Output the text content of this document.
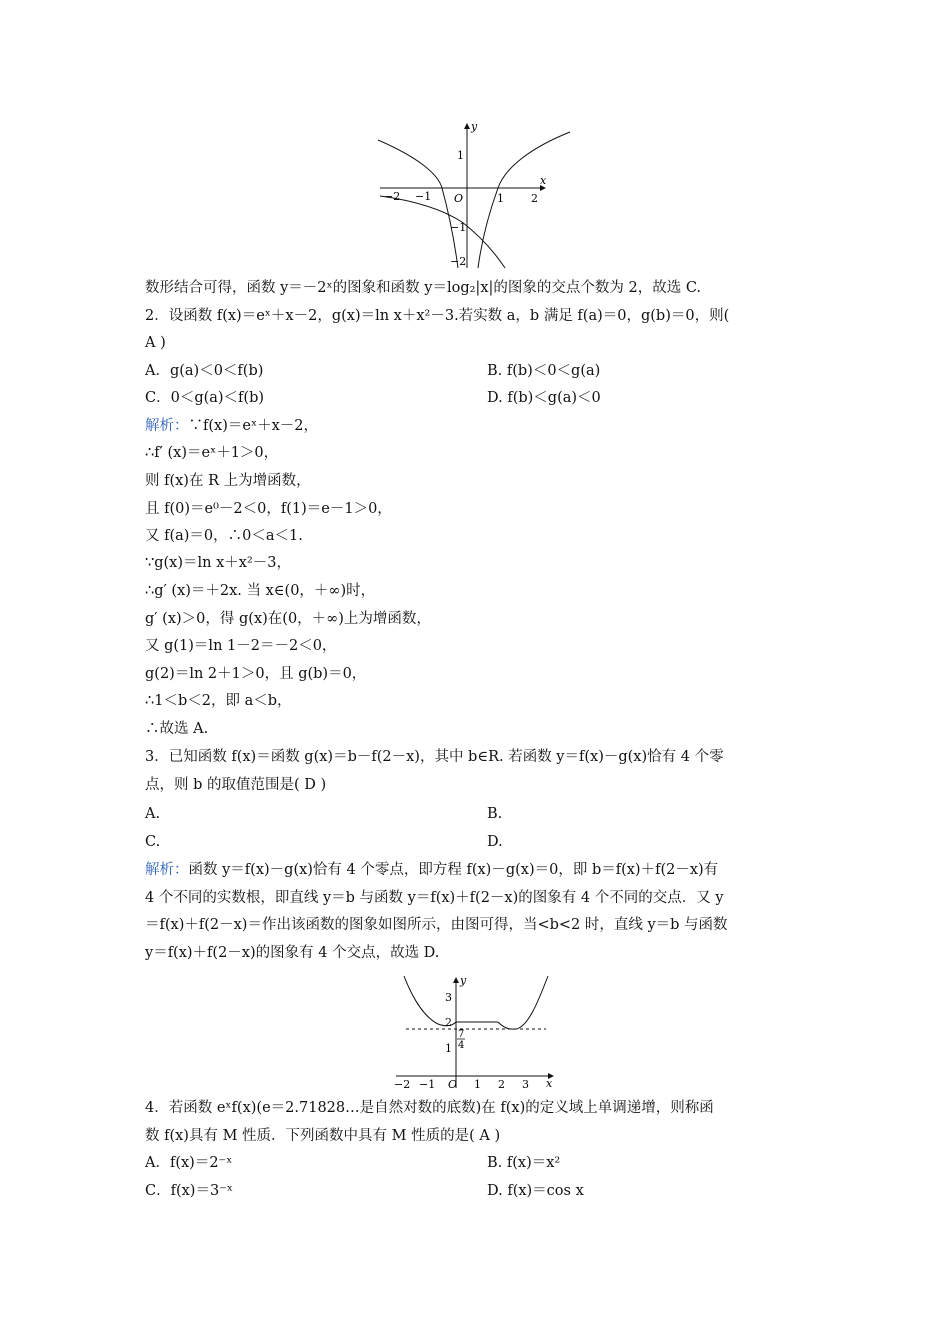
y
x
1
−1
−2
−2 −1 O	1 2
数形结合可得，函数 y＝－2ˣ的图象和函数 y＝log₂|x|的图象的交点个数为 2，故选 C.
2．设函数 f(x)＝eˣ＋x－2，g(x)＝ln x＋x²－3.若实数 a，b 满足 f(a)＝0，g(b)＝0，则(
A )
A．g(a)＜0＜f(b)	B. f(b)＜0＜g(a)
C．0＜g(a)＜f(b)	D. f(b)＜g(a)＜0
解析：∵f(x)＝eˣ＋x－2，
∴f′ (x)＝eˣ＋1＞0，
则 f(x)在 R 上为增函数，
且 f(0)＝e⁰－2＜0，f(1)＝e－1＞0，
又 f(a)＝0，∴0＜a＜1.
∵g(x)＝ln x＋x²－3，
∴g′ (x)＝＋2x. 当 x∈(0，＋∞)时，
g′ (x)＞0，得 g(x)在(0，＋∞)上为增函数，
又 g(1)＝ln 1－2＝－2＜0，
g(2)＝ln 2＋1＞0，且 g(b)＝0，
∴1＜b＜2，即 a＜b，
∴故选 A.
3．已知函数 f(x)＝函数 g(x)＝b－f(2－x)，其中 b∈R. 若函数 y＝f(x)－g(x)恰有 4 个零
点，则 b 的取值范围是( D )
A.	B.
C.	D.
解析：函数 y＝f(x)－g(x)恰有 4 个零点，即方程 f(x)－g(x)＝0，即 b＝f(x)＋f(2－x)有
4 个不同的实数根，即直线 y＝b 与函数 y＝f(x)＋f(2－x)的图象有 4 个不同的交点．又 y
＝f(x)＋f(2－x)＝作出该函数的图象如图所示，由图可得，当<b<2 时，直线 y＝b 与函数
y＝f(x)＋f(2－x)的图象有 4 个交点，故选 D.
y
x
3
2
1
7
4
−2 −1 O 1 2 3
4．若函数 eˣf(x)(e＝2.71828…是自然对数的底数)在 f(x)的定义域上单调递增，则称函
数 f(x)具有 M 性质．下列函数中具有 M 性质的是( A )
A．f(x)＝2⁻ˣ	B. f(x)＝x²
C．f(x)＝3⁻ˣ	D. f(x)＝cos x
